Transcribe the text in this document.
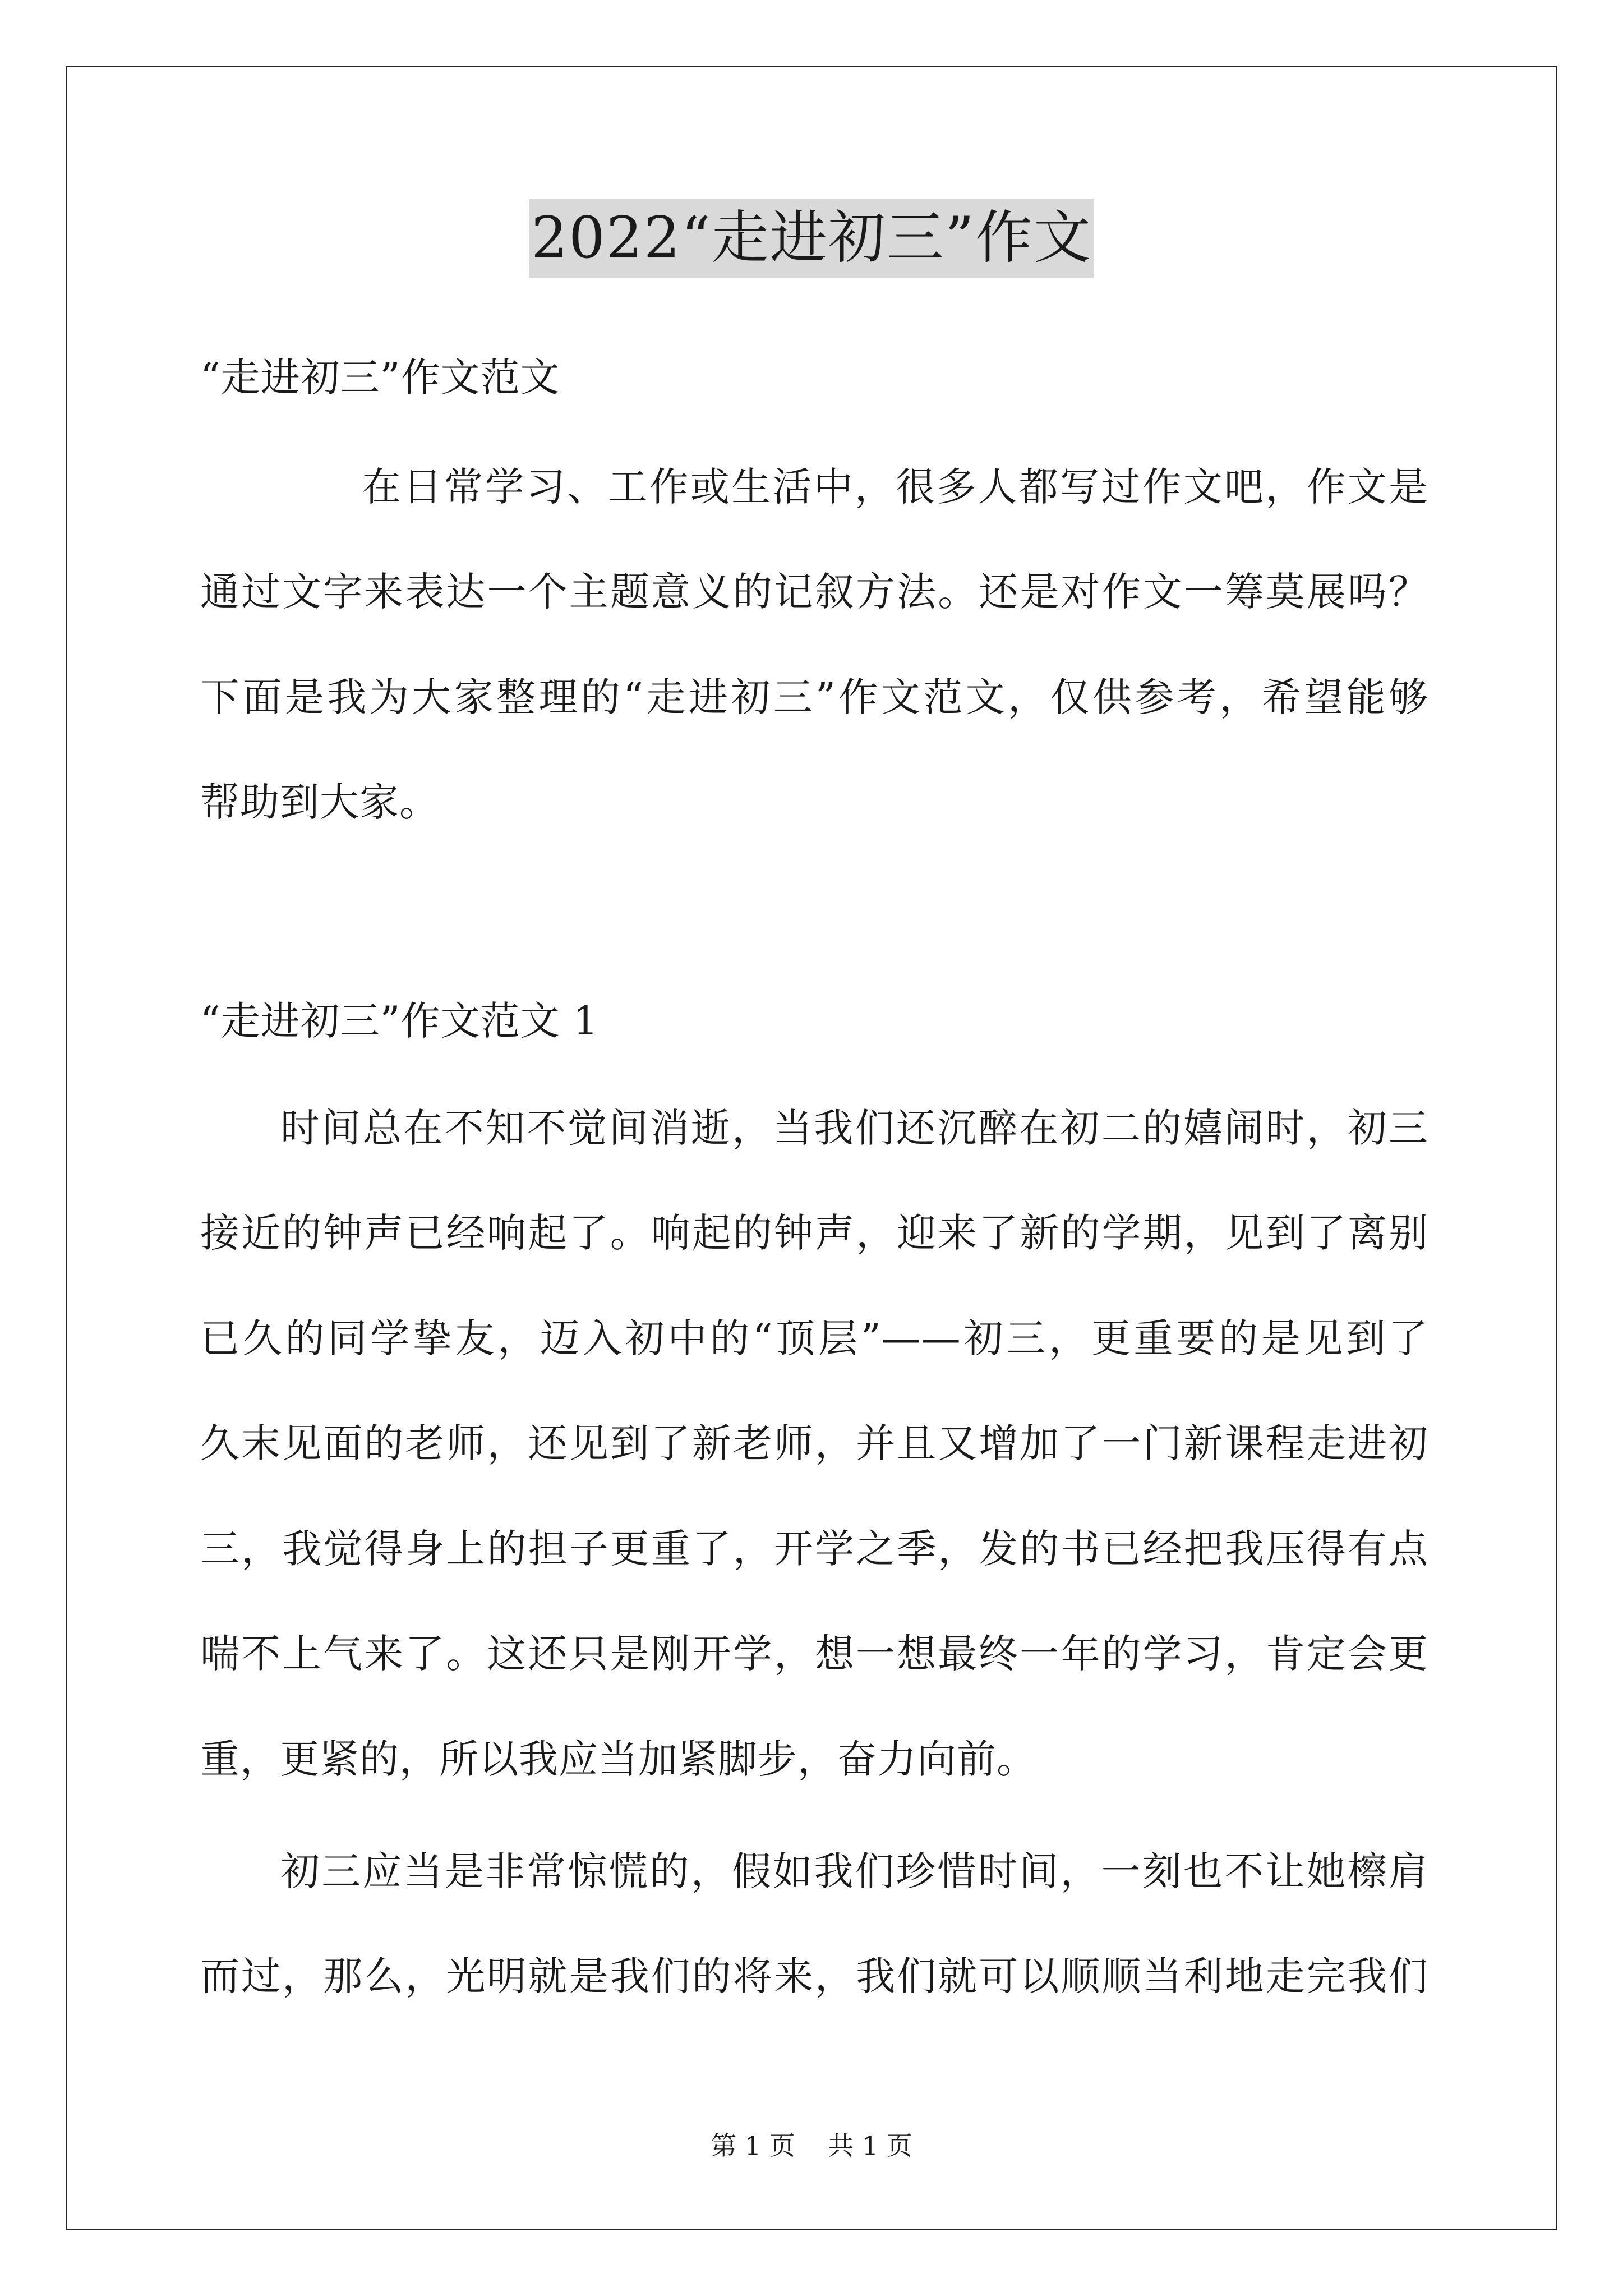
2022“走进初三”作文
“走进初三”作文范文
在日常学习、工作或生活中，很多人都写过作文吧，作文是
通过文字来表达一个主题意义的记叙方法。还是对作文一筹莫展吗？
下面是我为大家整理的“走进初三”作文范文，仅供参考，希望能够
帮助到大家。
“走进初三”作文范文 1
时间总在不知不觉间消逝，当我们还沉醉在初二的嬉闹时，初三
接近的钟声已经响起了。响起的钟声，迎来了新的学期，见到了离别
已久的同学挚友，迈入初中的“顶层”——初三，更重要的是见到了
久末见面的老师，还见到了新老师，并且又增加了一门新课程走进初
三，我觉得身上的担子更重了，开学之季，发的书已经把我压得有点
喘不上气来了。这还只是刚开学，想一想最终一年的学习，肯定会更
重，更紧的，所以我应当加紧脚步，奋力向前。
初三应当是非常惊慌的，假如我们珍惜时间，一刻也不让她檫肩
而过，那么，光明就是我们的将来，我们就可以顺顺当利地走完我们
第 1 页    共 1 页
